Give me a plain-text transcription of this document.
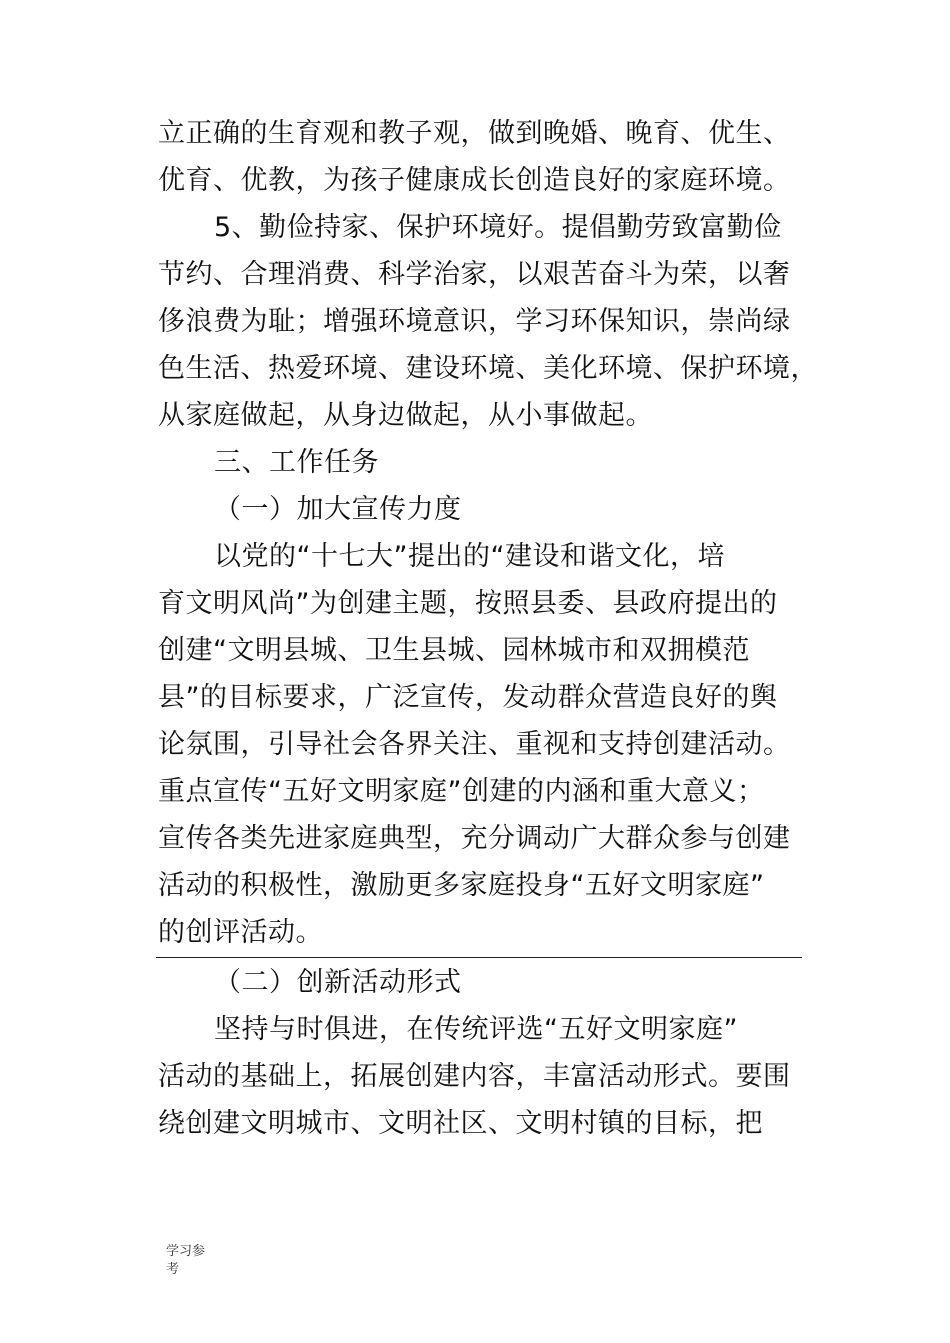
立正确的生育观和教子观，做到晚婚、晚育、优生、
优育、优教，为孩子健康成长创造良好的家庭环境。
5、勤俭持家、保护环境好。提倡勤劳致富勤俭
节约、合理消费、科学治家，以艰苦奋斗为荣，以奢
侈浪费为耻；增强环境意识，学习环保知识，崇尚绿
色生活、热爱环境、建设环境、美化环境、保护环境，
从家庭做起，从身边做起，从小事做起。
三、工作任务
（一）加大宣传力度
以党的“十七大”提出的“建设和谐文化，培
育文明风尚”为创建主题，按照县委、县政府提出的
创建“文明县城、卫生县城、园林城市和双拥模范
县”的目标要求，广泛宣传，发动群众营造良好的舆
论氛围，引导社会各界关注、重视和支持创建活动。
重点宣传“五好文明家庭”创建的内涵和重大意义；
宣传各类先进家庭典型，充分调动广大群众参与创建
活动的积极性，激励更多家庭投身“五好文明家庭”
的创评活动。
（二）创新活动形式
坚持与时俱进，在传统评选“五好文明家庭”
活动的基础上，拓展创建内容，丰富活动形式。要围
绕创建文明城市、文明社区、文明村镇的目标，把
学习参
考
